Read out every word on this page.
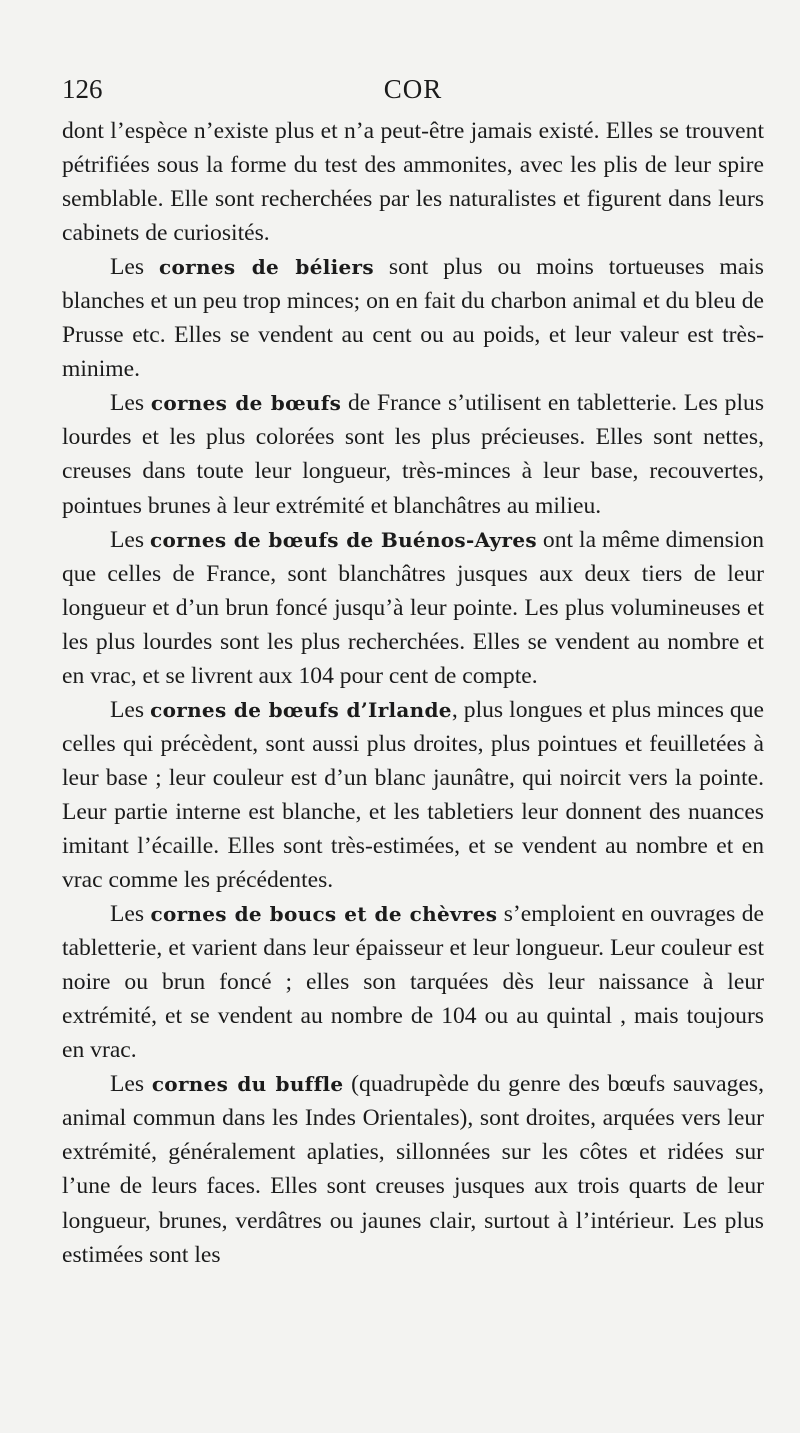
126	COR

dont l’espèce n’existe plus et n’a peut-être jamais existé. Elles se trouvent pétrifiées sous la forme du test des ammonites, avec les plis de leur spire semblable. Elle sont recherchées par les naturalistes et figurent dans leurs cabinets de curiosités.

Les cornes de béliers sont plus ou moins tortueuses mais blanches et un peu trop minces; on en fait du charbon animal et du bleu de Prusse etc. Elles se vendent au cent ou au poids, et leur valeur est très-minime.

Les cornes de bœufs de France s’utilisent en tabletterie. Les plus lourdes et les plus colorées sont les plus précieuses. Elles sont nettes, creuses dans toute leur longueur, très-minces à leur base, recouvertes, pointues brunes à leur extrémité et blanchâtres au milieu.

Les cornes de bœufs de Buénos-Ayres ont la même dimension que celles de France, sont blanchâtres jusques aux deux tiers de leur longueur et d’un brun foncé jusqu’à leur pointe. Les plus volumineuses et les plus lourdes sont les plus recherchées. Elles se vendent au nombre et en vrac, et se livrent aux 104 pour cent de compte.

Les cornes de bœufs d’Irlande, plus longues et plus minces que celles qui précèdent, sont aussi plus droites, plus pointues et feuilletées à leur base ; leur couleur est d’un blanc jaunâtre, qui noircit vers la pointe. Leur partie interne est blanche, et les tabletiers leur donnent des nuances imitant l’écaille. Elles sont très-estimées, et se vendent au nombre et en vrac comme les précédentes.

Les cornes de boucs et de chèvres s’emploient en ouvrages de tabletterie, et varient dans leur épaisseur et leur longueur. Leur couleur est noire ou brun foncé ; elles son tarquées dès leur naissance à leur extrémité, et se vendent au nombre de 104 ou au quintal , mais toujours en vrac.

Les cornes du buffle (quadrupède du genre des bœufs sauvages, animal commun dans les Indes Orientales), sont droites, arquées vers leur extrémité, généralement aplaties, sillonnées sur les côtes et ridées sur l’une de leurs faces. Elles sont creuses jusques aux trois quarts de leur longueur, brunes, verdâtres ou jaunes clair, surtout à l’intérieur. Les plus estimées sont les
